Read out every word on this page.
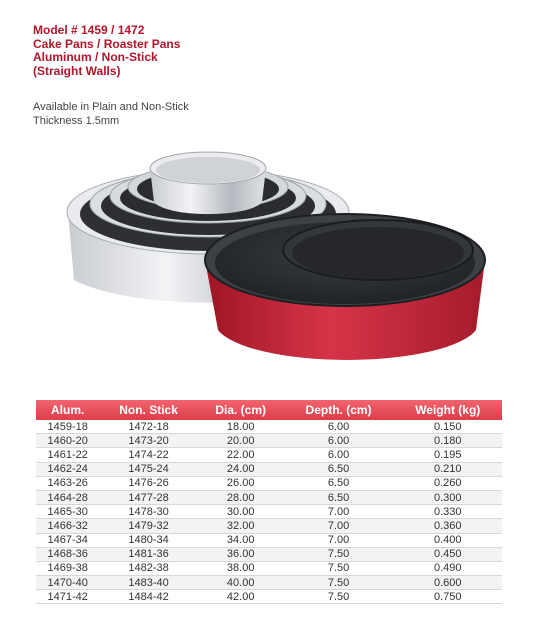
Model # 1459 / 1472
Cake Pans / Roaster Pans
Aluminum / Non-Stick
(Straight Walls)
Available in Plain and Non-Stick
Thickness 1.5mm
Alum.	Non. Stick	Dia. (cm)	Depth. (cm)	Weight (kg)
1459-18	1472-18	18.00	6.00	0.150
1460-20	1473-20	20.00	6.00	0.180
1461-22	1474-22	22.00	6.00	0.195
1462-24	1475-24	24.00	6.50	0.210
1463-26	1476-26	26.00	6.50	0.260
1464-28	1477-28	28.00	6.50	0.300
1465-30	1478-30	30.00	7.00	0.330
1466-32	1479-32	32.00	7.00	0.360
1467-34	1480-34	34.00	7.00	0.400
1468-36	1481-36	36.00	7.50	0.450
1469-38	1482-38	38.00	7.50	0.490
1470-40	1483-40	40.00	7.50	0.600
1471-42	1484-42	42.00	7.50	0.750
